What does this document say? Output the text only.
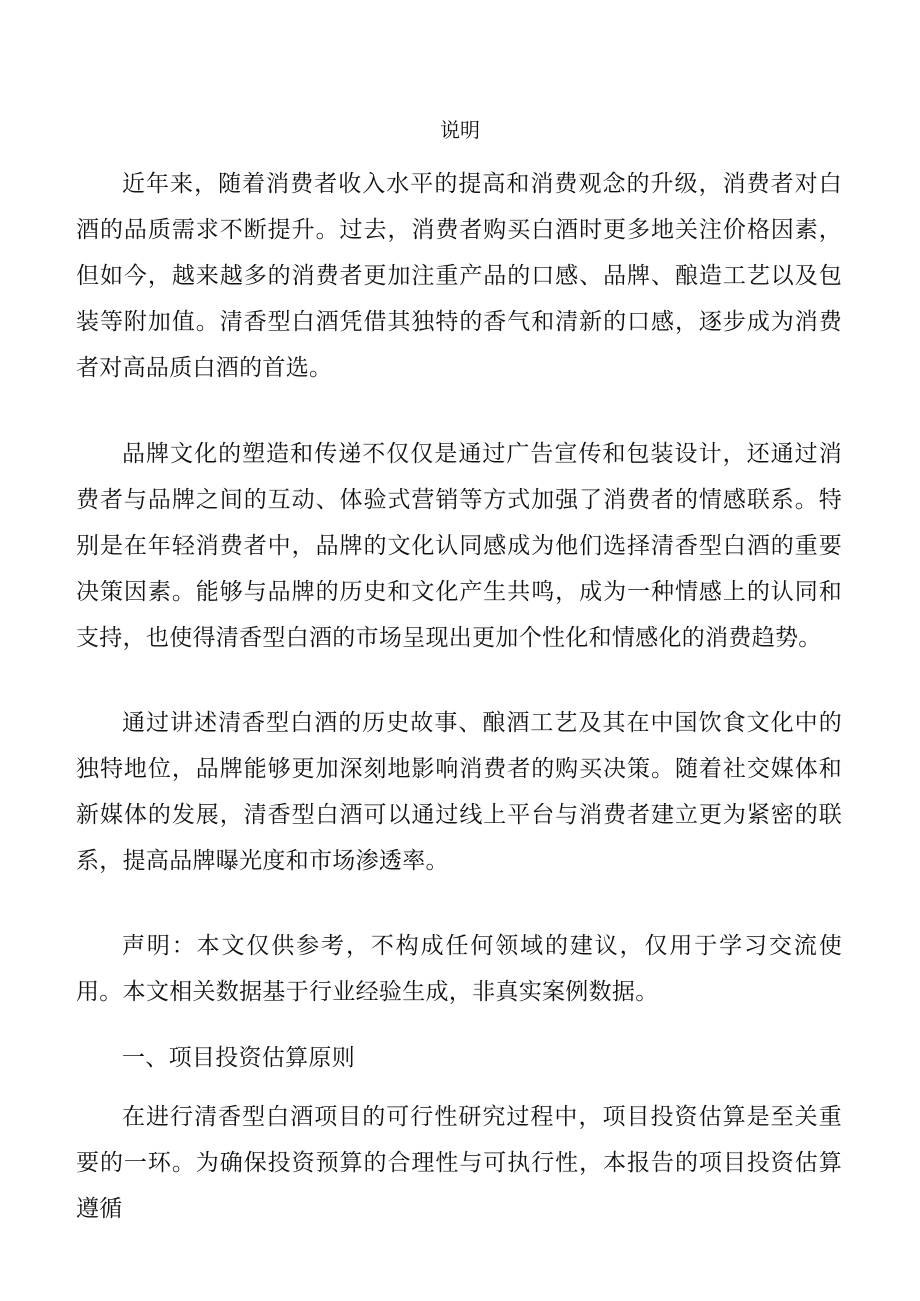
说明

近年来，随着消费者收入水平的提高和消费观念的升级，消费者对白酒的品质需求不断提升。过去，消费者购买白酒时更多地关注价格因素，但如今，越来越多的消费者更加注重产品的口感、品牌、酿造工艺以及包装等附加值。清香型白酒凭借其独特的香气和清新的口感，逐步成为消费者对高品质白酒的首选。

品牌文化的塑造和传递不仅仅是通过广告宣传和包装设计，还通过消费者与品牌之间的互动、体验式营销等方式加强了消费者的情感联系。特别是在年轻消费者中，品牌的文化认同感成为他们选择清香型白酒的重要决策因素。能够与品牌的历史和文化产生共鸣，成为一种情感上的认同和支持，也使得清香型白酒的市场呈现出更加个性化和情感化的消费趋势。

通过讲述清香型白酒的历史故事、酿酒工艺及其在中国饮食文化中的独特地位，品牌能够更加深刻地影响消费者的购买决策。随着社交媒体和新媒体的发展，清香型白酒可以通过线上平台与消费者建立更为紧密的联系，提高品牌曝光度和市场渗透率。

声明：本文仅供参考，不构成任何领域的建议，仅用于学习交流使用。本文相关数据基于行业经验生成，非真实案例数据。

一、项目投资估算原则

在进行清香型白酒项目的可行性研究过程中，项目投资估算是至关重要的一环。为确保投资预算的合理性与可执行性，本报告的项目投资估算遵循
